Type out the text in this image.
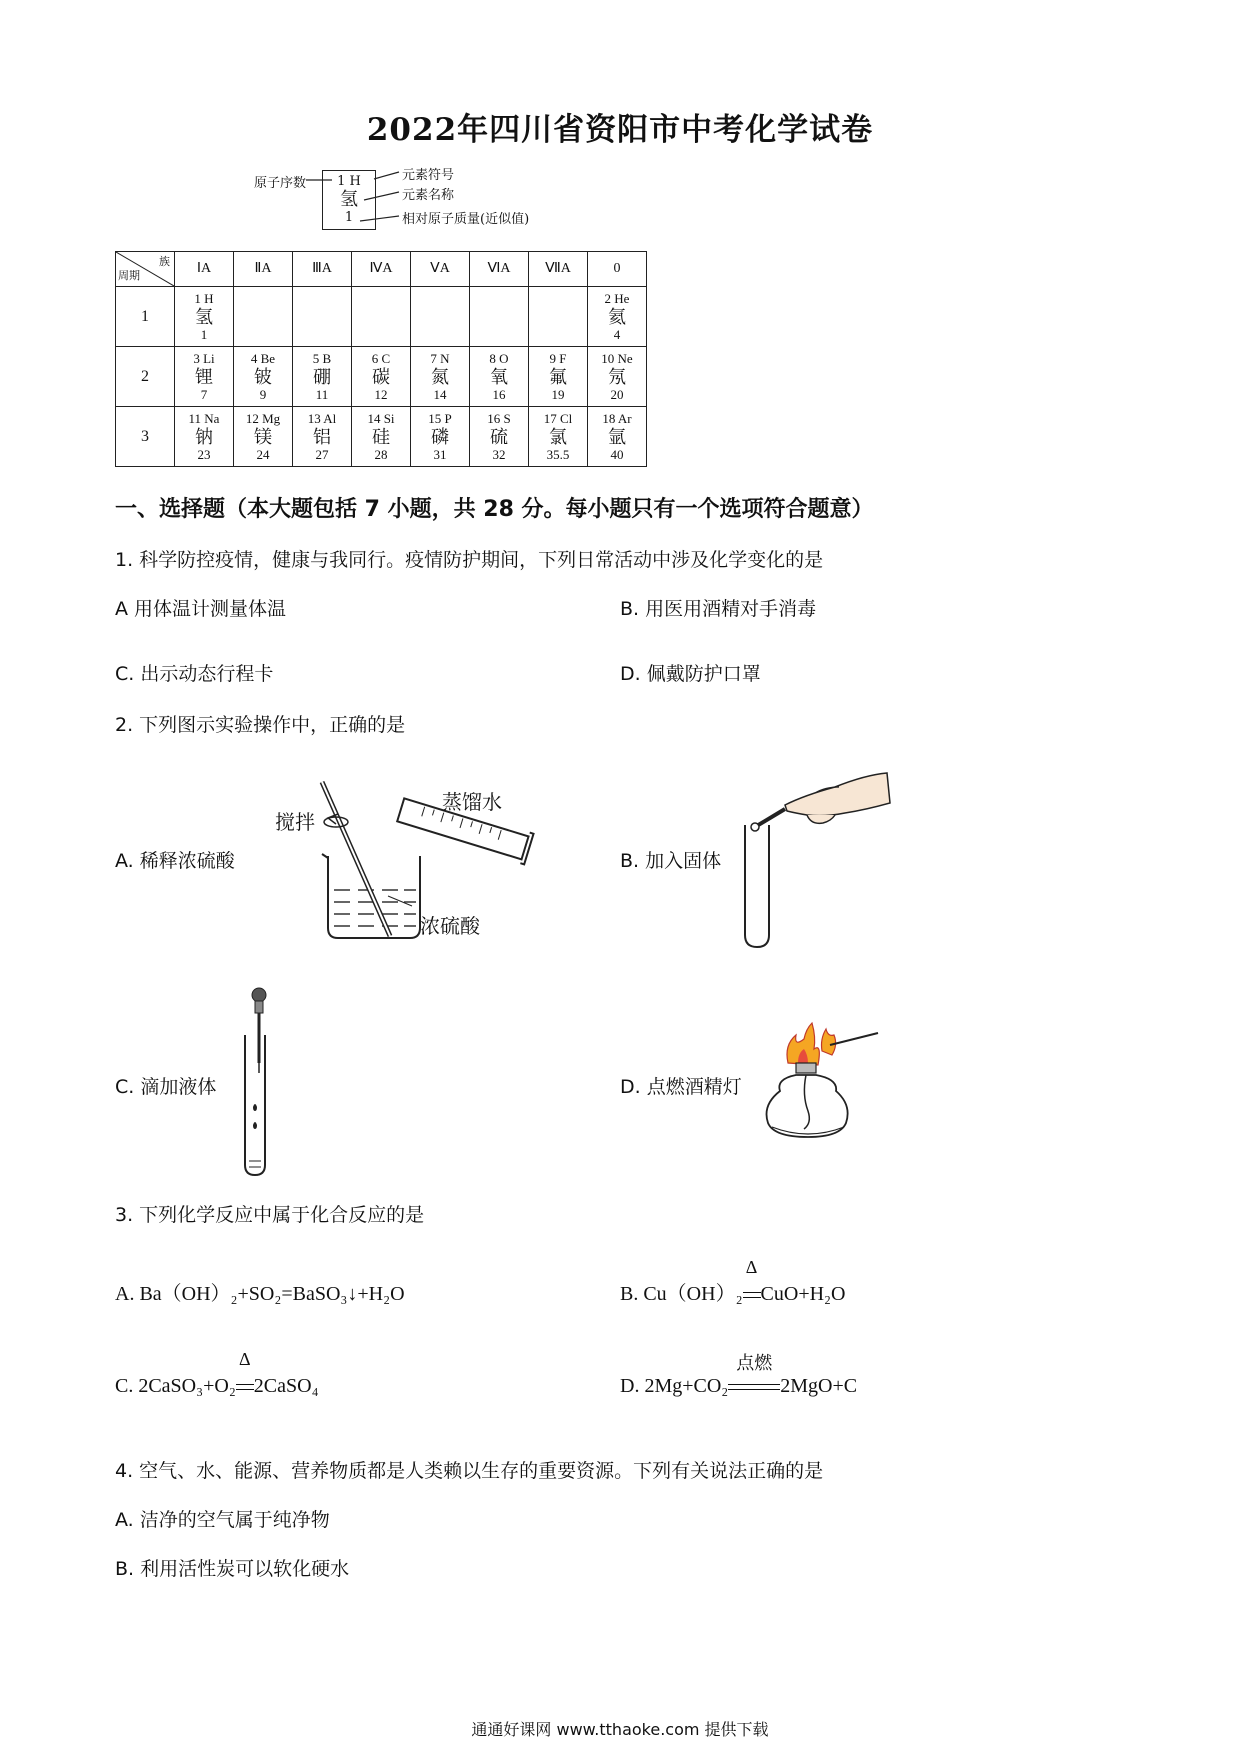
2022年四川省资阳市中考化学试卷
原子序数	1 H
氢
1
元素符号
元素名称
相对原子质量(近似值)
族
周期	ⅠA	ⅡA	ⅢA	ⅣA	ⅤA	ⅥA	ⅦA	0
1	1 H
氢
1							2 He
氦
4

2	3 Li
锂
7	4 Be
铍
9	5 B
硼
11	6 C
碳
12	7 N
氮
14	8 O
氧
16	9 F
氟
19	10 Ne
氖
20

3	11 Na
钠
23	12 Mg
镁
24	13 Al
铝
27	14 Si
硅
28	15 P
磷
31	16 S
硫
32	17 Cl
氯
35.5	18 Ar
氩
40
一、选择题（本大题包括 7 小题，共 28 分。每小题只有一个选项符合题意）
1. 科学防控疫情，健康与我同行。疫情防护期间，下列日常活动中涉及化学变化的是
A 用体温计测量体温	B. 用医用酒精对手消毒
C. 出示动态行程卡	D. 佩戴防护口罩
2. 下列图示实验操作中，正确的是
A. 稀释浓硫酸	B. 加入固体
搅拌
蒸馏水
浓硫酸
C. 滴加液体	D. 点燃酒精灯
3. 下列化学反应中属于化合反应的是
A. Ba（OH）₂+SO₂=BaSO₃↓+H₂O	B. Cu（OH）₂
Δ
CuO+H₂O
C. 2CaSO₃+O₂
Δ
2CaSO₄	D. 2Mg+CO₂
点燃
2MgO+C
4. 空气、水、能源、营养物质都是人类赖以生存的重要资源。下列有关说法正确的是
A. 洁净的空气属于纯净物
B. 利用活性炭可以软化硬水
通通好课网 www.tthaoke.com 提供下载
